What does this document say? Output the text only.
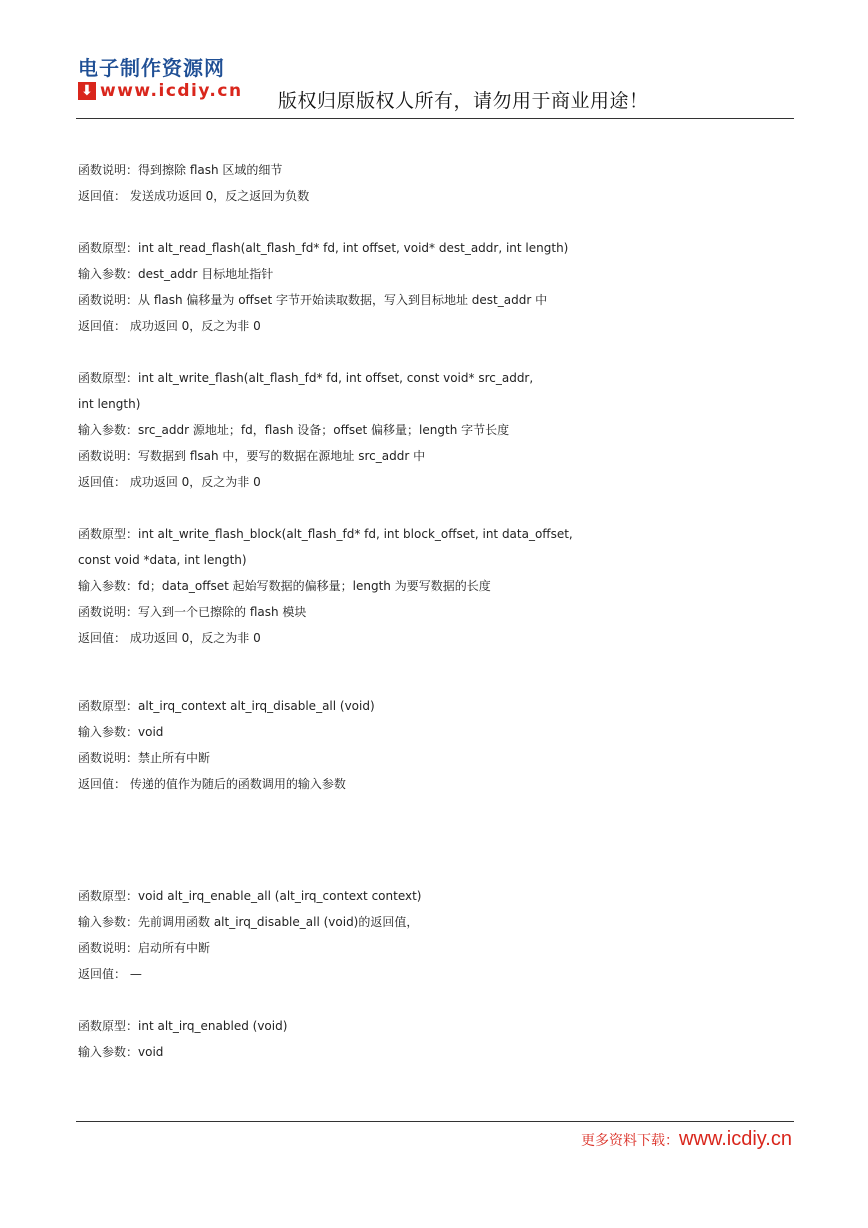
电子制作资源网
⬇ www.icdiy.cn 版权归原版权人所有，请勿用于商业用途！
函数说明：得到擦除 flash 区域的细节
返回值： 发送成功返回 0，反之返回为负数
函数原型：int alt_read_flash(alt_flash_fd* fd, int offset, void* dest_addr, int length)
输入参数：dest_addr 目标地址指针
函数说明：从 flash 偏移量为 offset 字节开始读取数据，写入到目标地址 dest_addr 中
返回值： 成功返回 0，反之为非 0
函数原型：int alt_write_flash(alt_flash_fd* fd, int offset, const void* src_addr,
int length)
输入参数：src_addr 源地址；fd，flash 设备；offset 偏移量；length 字节长度
函数说明：写数据到 flsah 中，要写的数据在源地址 src_addr 中
返回值： 成功返回 0，反之为非 0
函数原型：int alt_write_flash_block(alt_flash_fd* fd, int block_offset, int data_offset,
const void *data, int length)
输入参数：fd；data_offset 起始写数据的偏移量；length 为要写数据的长度
函数说明：写入到一个已擦除的 flash 模块
返回值： 成功返回 0，反之为非 0
函数原型：alt_irq_context alt_irq_disable_all (void)
输入参数：void
函数说明：禁止所有中断
返回值： 传递的值作为随后的函数调用的输入参数
函数原型：void alt_irq_enable_all (alt_irq_context context)
输入参数：先前调用函数 alt_irq_disable_all (void)的返回值，
函数说明：启动所有中断
返回值： —
函数原型：int alt_irq_enabled (void)
输入参数：void
更多资料下载：www.icdiy.cn
